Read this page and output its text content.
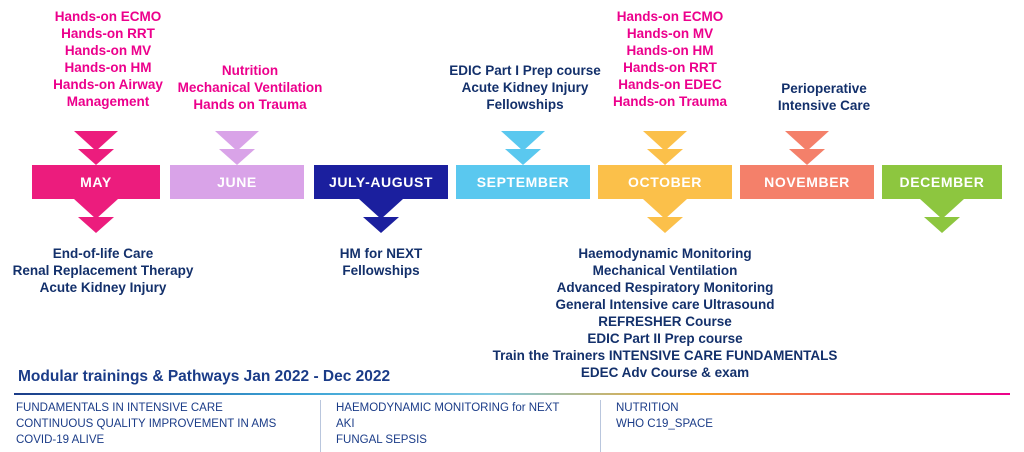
Hands-on ECMO
Hands-on RRT
Hands-on MV
Hands-on HM
Hands-on Airway
Management
Nutrition
Mechanical Ventilation
Hands on Trauma
EDIC Part I Prep course
Acute Kidney Injury
Fellowships
Hands-on ECMO
Hands-on MV
Hands-on HM
Hands-on RRT
Hands-on EDEC
Hands-on Trauma
Perioperative
Intensive Care
MAY	JUNE	JULY-AUGUST	SEPTEMBER	OCTOBER	NOVEMBER	DECEMBER
End-of-life Care
Renal Replacement Therapy
Acute Kidney Injury
HM for NEXT
Fellowships
Haemodynamic Monitoring
Mechanical Ventilation
Advanced Respiratory Monitoring
General Intensive care Ultrasound
REFRESHER Course
EDIC Part II Prep course
Train the Trainers INTENSIVE CARE FUNDAMENTALS
EDEC Adv Course & exam
Modular trainings & Pathways Jan 2022 - Dec 2022
FUNDAMENTALS IN INTENSIVE CARE
CONTINUOUS QUALITY IMPROVEMENT IN AMS
COVID-19 ALIVE
HAEMODYNAMIC MONITORING for NEXT
AKI
FUNGAL SEPSIS
NUTRITION
WHO C19_SPACE
